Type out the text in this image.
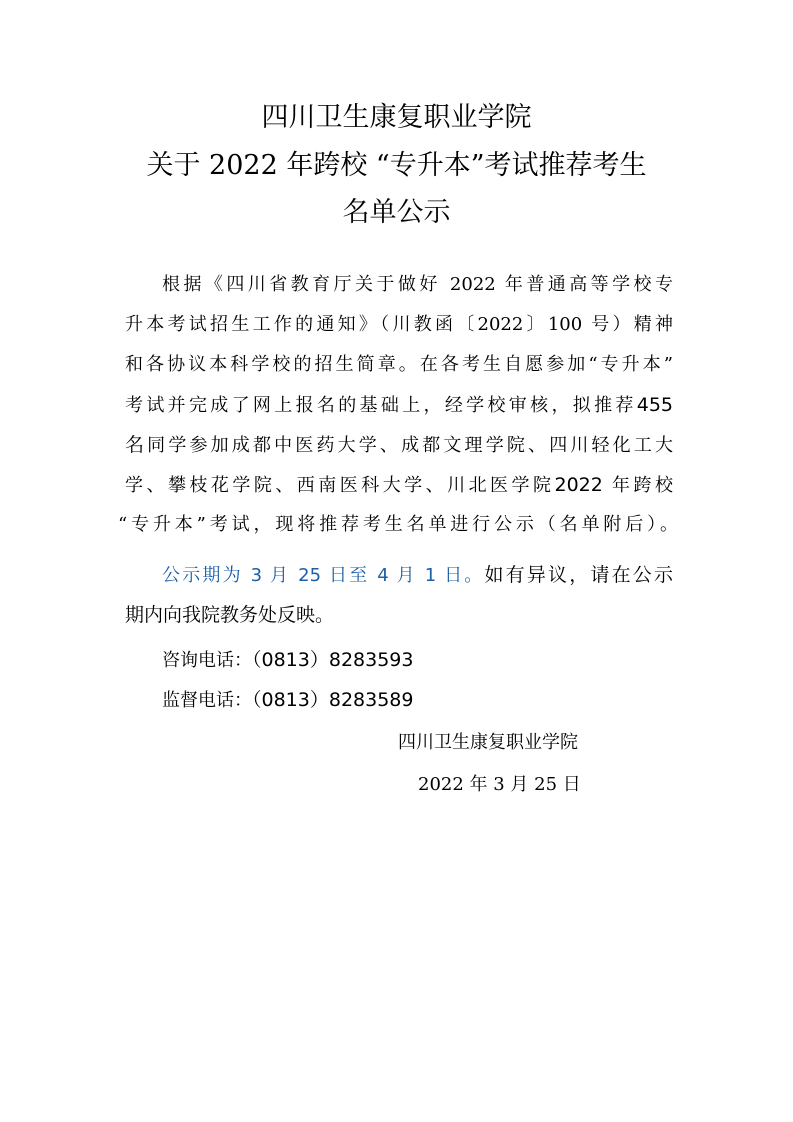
四川卫生康复职业学院
关于 2022 年跨校 “专升本”考试推荐考生
名单公示
根据《四川省教育厅关于做好 2022 年普通高等学校专
升本考试招生工作的通知》（川教函〔2022〕100 号）精神
和各协议本科学校的招生简章。在各考生自愿参加“专升本”
考试并完成了网上报名的基础上，经学校审核，拟推荐455
名同学参加成都中医药大学、成都文理学院、四川轻化工大
学、攀枝花学院、西南医科大学、川北医学院2022 年跨校
“专升本”考试，现将推荐考生名单进行公示（名单附后）。
公示期为 3 月 25 日至 4 月 1 日。如有异议，请在公示
期内向我院教务处反映。
咨询电话：（0813）8283593
监督电话：（0813）8283589
四川卫生康复职业学院
2022 年 3 月 25 日
